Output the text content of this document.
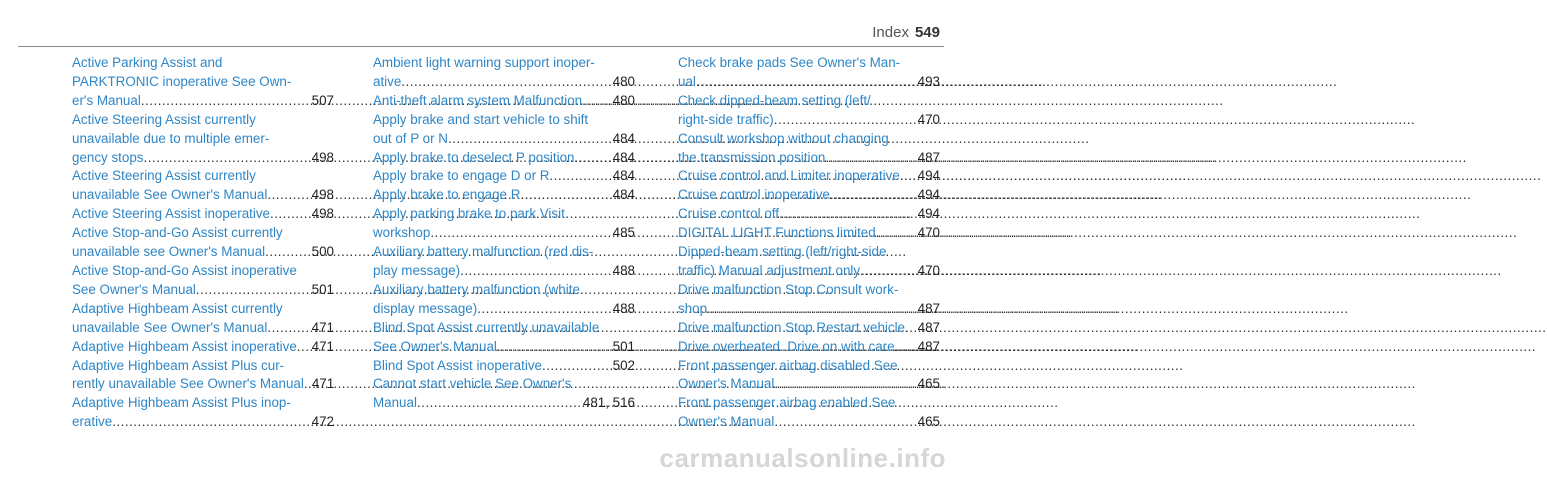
Index 549
Active Parking Assist and
PARKTRONIC inoperative See Own-
er's Manual .....	507
Active Steering Assist currently
unavailable due to multiple emer-
gency stops .....	498
Active Steering Assist currently
unavailable See Owner's Manual .....	498
Active Steering Assist inoperative .....	498
Active Stop-and-Go Assist currently
unavailable see Owner's Manual .....	500
Active Stop-and-Go Assist inoperative
See Owner's Manual .....	501
Adaptive Highbeam Assist currently
unavailable See Owner's Manual .....	471
Adaptive Highbeam Assist inoperative ..... 471
Adaptive Highbeam Assist Plus cur-
rently unavailable See Owner's Manual ..... 471
Adaptive Highbeam Assist Plus inop-
erative .....	472
Ambient light warning support inoper-
ative .....	480
Anti-theft alarm system Malfunction ..... 480
Apply brake and start vehicle to shift
out of P or N .....	484
Apply brake to deselect P position .....	484
Apply brake to engage D or R .....	484
Apply brake to engage R .....	484
Apply parking brake to park Visit
workshop .....	485
Auxiliary battery malfunction (red dis-
play message) .....	488
Auxiliary battery malfunction (white
display message) .....	488
Blind Spot Assist currently unavailable
See Owner's Manual .....	501
Blind Spot Assist inoperative .....	502
Cannot start vehicle See Owner's
Manual .....	481, 516
Check brake pads See Owner's Man-
ual .....	493
Check dipped-beam setting (left/
right-side traffic) .....	470
Consult workshop without changing
the transmission position .....	487
Cruise control and Limiter inoperative ..... 494
Cruise control inoperative .....	494
Cruise control off .....	494
DIGITAL LIGHT Functions limited .....	470
Dipped-beam setting (left/right-side
traffic) Manual adjustment only .....	470
Drive malfunction Stop Consult work-
shop .....	487
Drive malfunction Stop Restart vehicle ..... 487
Drive overheated. Drive on with care ..... 487
Front passenger airbag disabled See
Owner's Manual .....	465
Front passenger airbag enabled See
Owner's Manual .....	465
carmanualsonline.info
